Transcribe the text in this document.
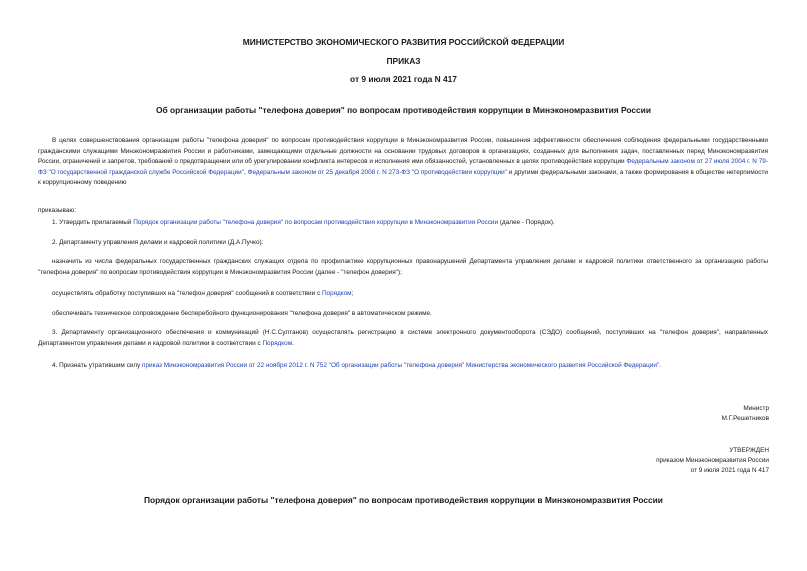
МИНИСТЕРСТВО ЭКОНОМИЧЕСКОГО РАЗВИТИЯ РОССИЙСКОЙ ФЕДЕРАЦИИ

ПРИКАЗ

от 9 июля 2021 года N 417

Об организации работы "телефона доверия" по вопросам противодействия коррупции в Минэкономразвития России

В целях совершенствования организации работы "телефона доверия" по вопросам противодействия коррупции в Минэкономразвития России, повышения эффективности обеспечения соблюдения федеральными государственными гражданскими служащими Минэкономразвития России и работниками, замещающими отдельные должности на основании трудовых договоров в организациях, созданных для выполнения задач, поставленных перед Минэкономразвития России, ограничений и запретов, требований о предотвращении или об урегулировании конфликта интересов и исполнения ими обязанностей, установленных в целях противодействия коррупции Федеральным законом от 27 июля 2004 г. N 79-ФЗ "О государственной гражданской службе Российской Федерации", Федеральным законом от 25 декабря 2008 г. N 273-ФЗ "О противодействии коррупции" и другими федеральными законами, а также формирования в обществе нетерпимости к коррупционному поведению

приказываю:

1. Утвердить прилагаемый Порядок организации работы "телефона доверия" по вопросам противодействия коррупции в Минэкономразвития России (далее - Порядок).

2. Департаменту управления делами и кадровой политики (Д.А.Пучко):

назначить из числа федеральных государственных гражданских служащих отдела по профилактике коррупционных правонарушений Департамента управления делами и кадровой политики ответственного за организацию работы "телефона доверия" по вопросам противодействия коррупции в Минэкономразвития России (далее - "телефон доверия");

осуществлять обработку поступивших на "телефон доверия" сообщений в соответствии с Порядком;

обеспечивать техническое сопровождение бесперебойного функционирования "телефона доверия" в автоматическом режиме.

3. Департаменту организационного обеспечения и коммуникаций (Н.С.Султанов) осуществлять регистрацию в системе электронного документооборота (СЭДО) сообщений, поступивших на "телефон доверия", направленных Департаментом управления делами и кадровой политики в соответствии с Порядком.

4. Признать утратившим силу приказ Минэкономразвития России от 22 ноября 2012 г. N 752 "Об организации работы "телефона доверия" Министерства экономического развития Российской Федерации".

Министр

М.Г.Решетников

УТВЕРЖДЕН

приказом Минэкономразвития России

от 9 июля 2021 года N 417

Порядок организации работы "телефона доверия" по вопросам противодействия коррупции в Минэкономразвития России
